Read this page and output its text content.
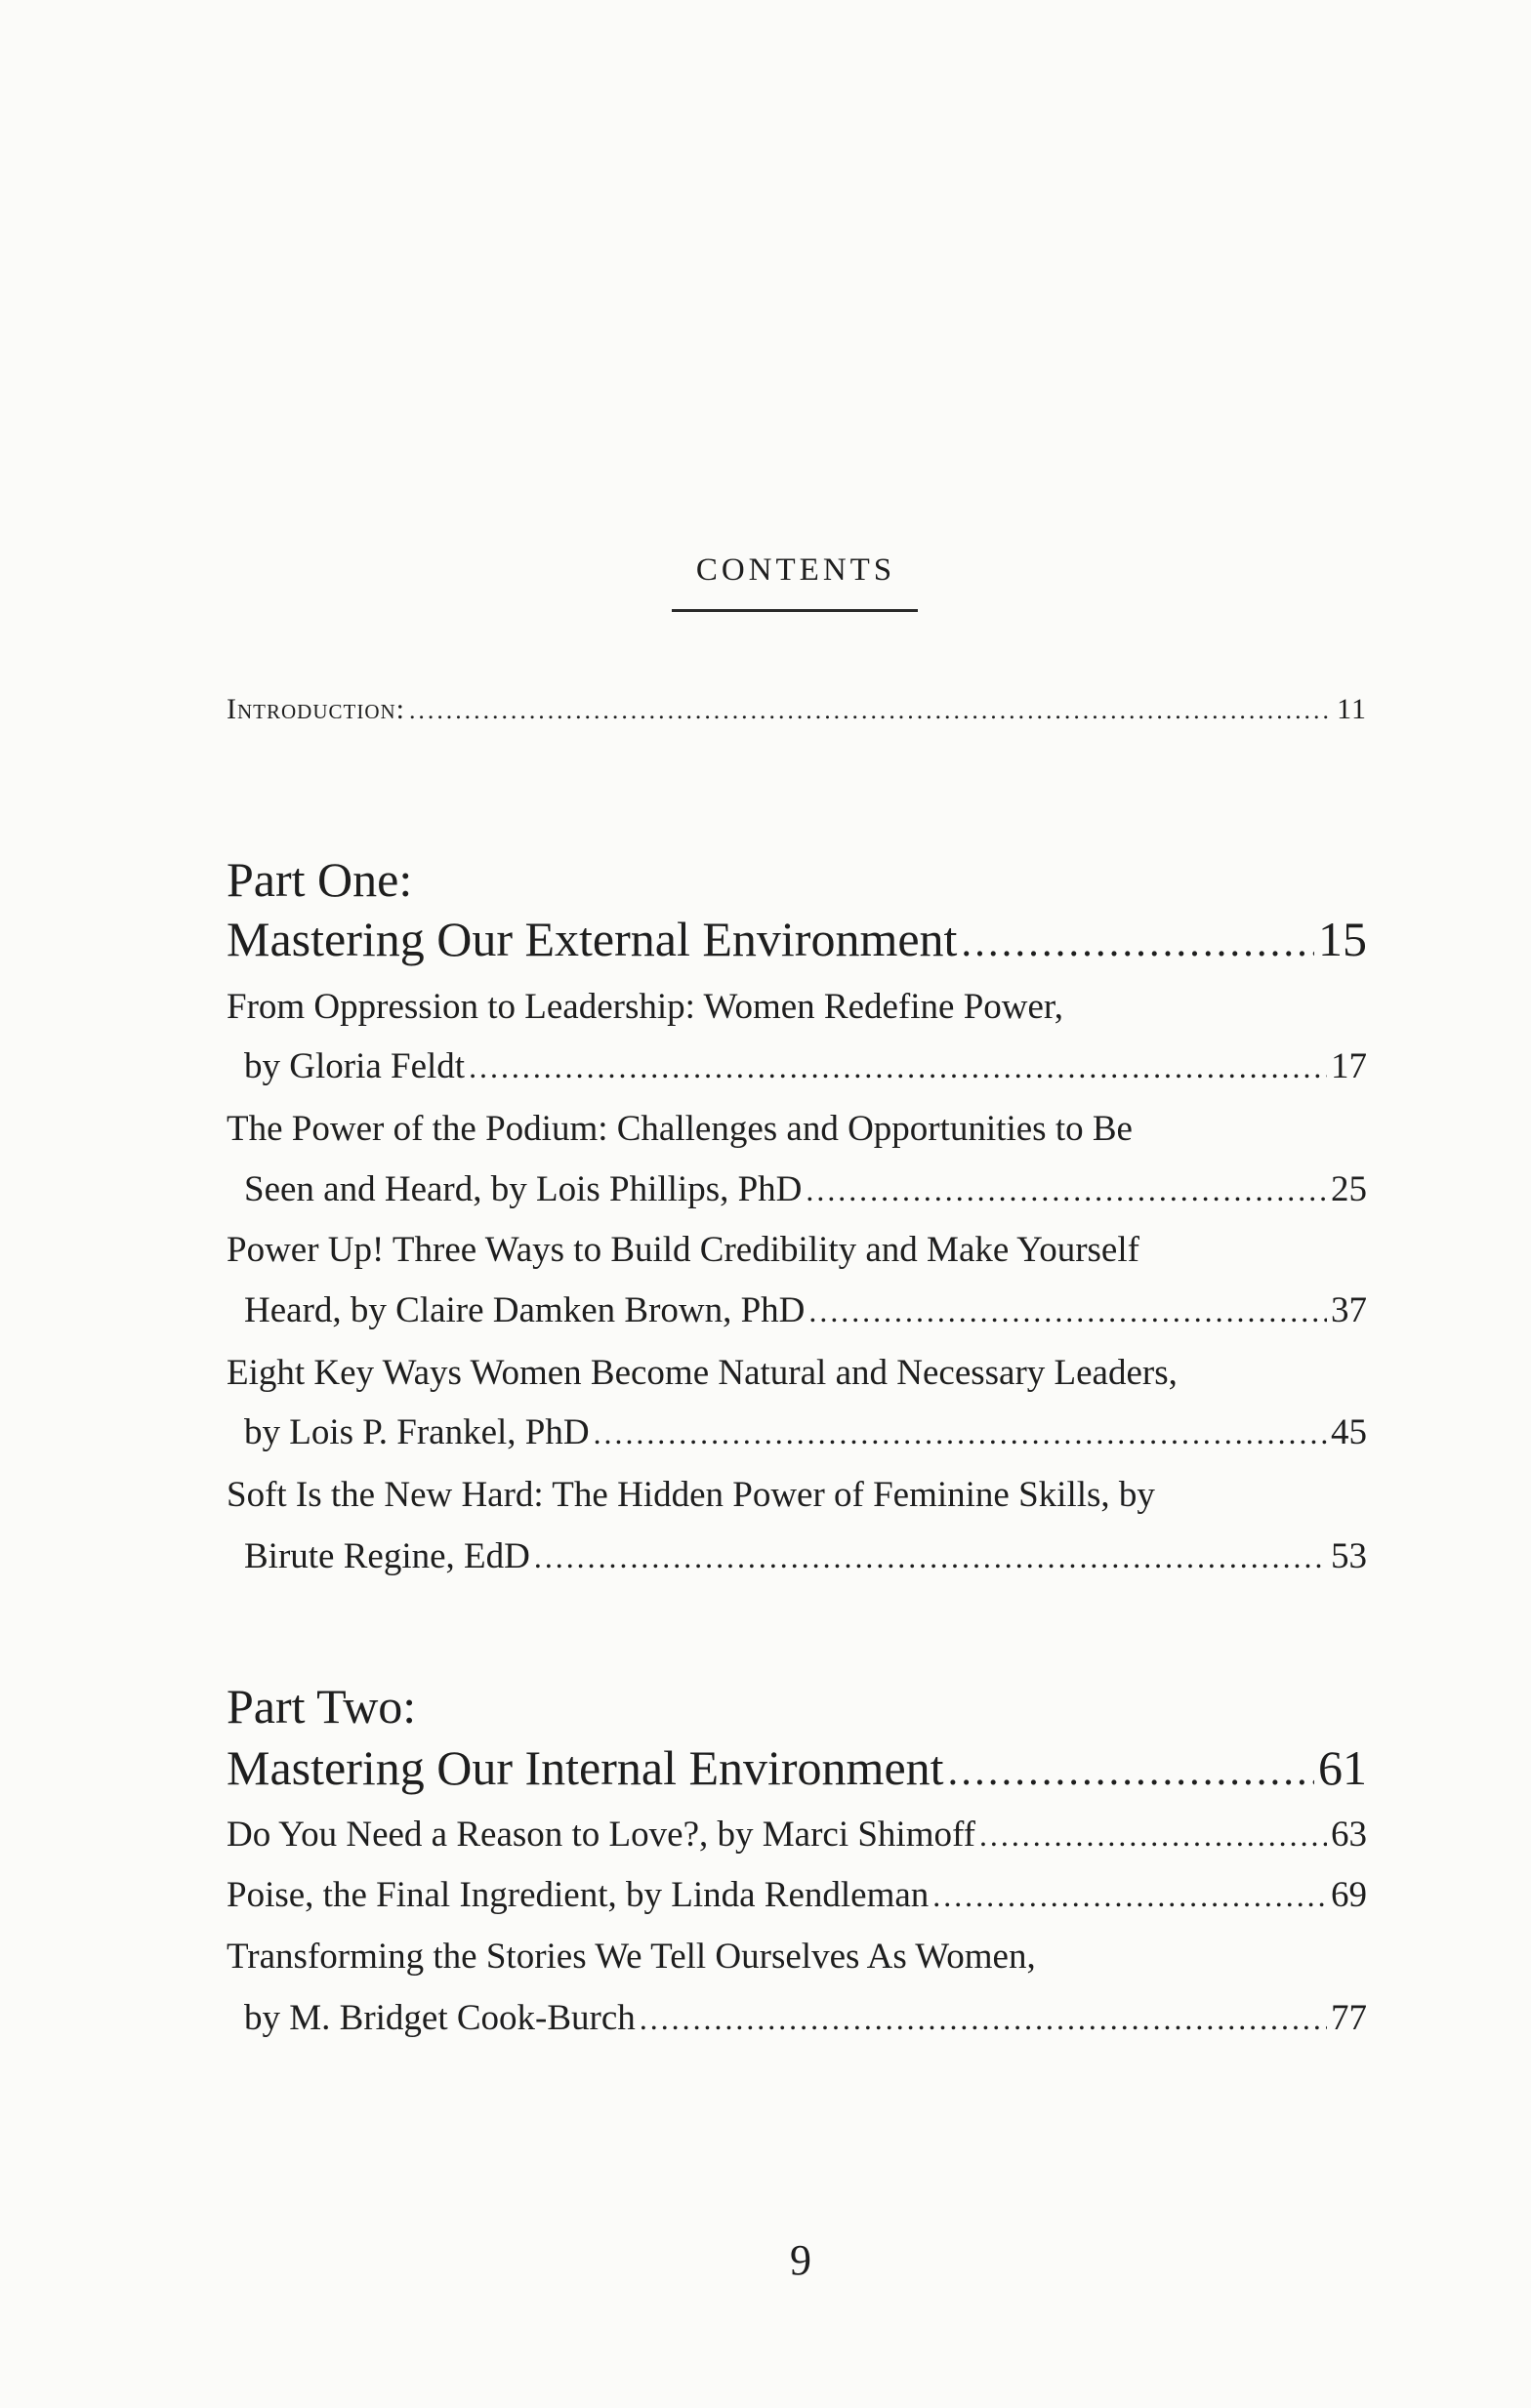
CONTENTS
Introduction: .....	11
Part One:
Mastering Our External Environment .....	15
From Oppression to Leadership: Women Redefine Power,
by Gloria Feldt .....	17
The Power of the Podium: Challenges and Opportunities to Be
Seen and Heard, by Lois Phillips, PhD .....	25
Power Up! Three Ways to Build Credibility and Make Yourself
Heard, by Claire Damken Brown, PhD .....	37
Eight Key Ways Women Become Natural and Necessary Leaders,
by Lois P. Frankel, PhD .....	45
Soft Is the New Hard: The Hidden Power of Feminine Skills, by
Birute Regine, EdD .....	53
Part Two:
Mastering Our Internal Environment .....	61
Do You Need a Reason to Love?, by Marci Shimoff .....	63
Poise, the Final Ingredient, by Linda Rendleman .....	69
Transforming the Stories We Tell Ourselves As Women,
by M. Bridget Cook-Burch .....	77
9
